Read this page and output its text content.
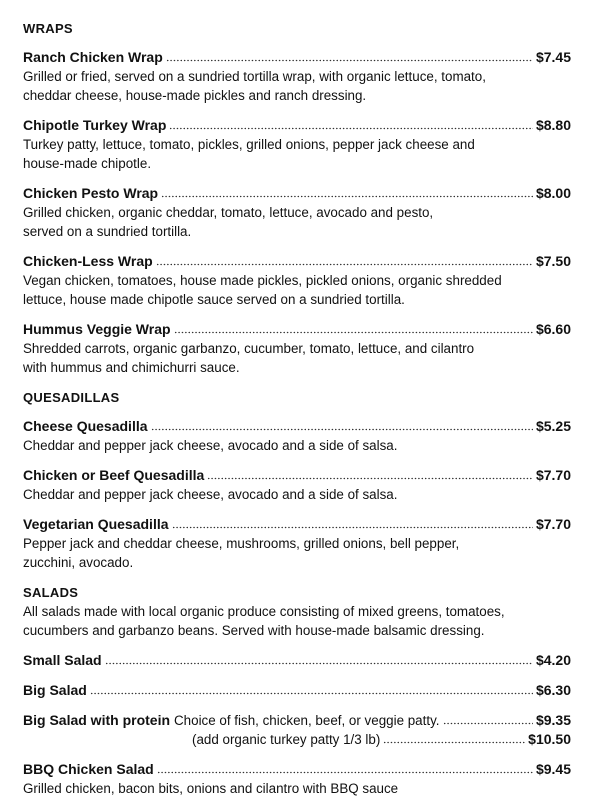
WRAPS
Ranch Chicken Wrap	$7.45
Grilled or fried, served on a sundried tortilla wrap, with organic lettuce, tomato,
cheddar cheese, house-made pickles and ranch dressing.
Chipotle Turkey Wrap	$8.80
Turkey patty, lettuce, tomato, pickles, grilled onions, pepper jack cheese and
house-made chipotle.
Chicken Pesto Wrap	$8.00
Grilled chicken, organic cheddar, tomato, lettuce, avocado and pesto,
served on a sundried tortilla.
Chicken-Less Wrap	$7.50
Vegan chicken, tomatoes, house made pickles, pickled onions, organic shredded
lettuce, house made chipotle sauce served on a sundried tortilla.
Hummus Veggie Wrap	$6.60
Shredded carrots, organic garbanzo, cucumber, tomato, lettuce, and cilantro
with hummus and chimichurri sauce.
QUESADILLAS
Cheese Quesadilla	$5.25
Cheddar and pepper jack cheese, avocado and a side of salsa.
Chicken or Beef Quesadilla	$7.70
Cheddar and pepper jack cheese, avocado and a side of salsa.
Vegetarian Quesadilla	$7.70
Pepper jack and cheddar cheese, mushrooms, grilled onions, bell pepper,
zucchini, avocado.
SALADS
All salads made with local organic produce consisting of mixed greens, tomatoes, cucumbers and garbanzo beans. Served with house-made balsamic dressing.
Small Salad	$4.20
Big Salad	$6.30
Big Salad with protein Choice of fish, chicken, beef, or veggie patty.	$9.35
(add organic turkey patty 1/3 lb)	$10.50
BBQ Chicken Salad	$9.45
Grilled chicken, bacon bits, onions and cilantro with BBQ sauce
